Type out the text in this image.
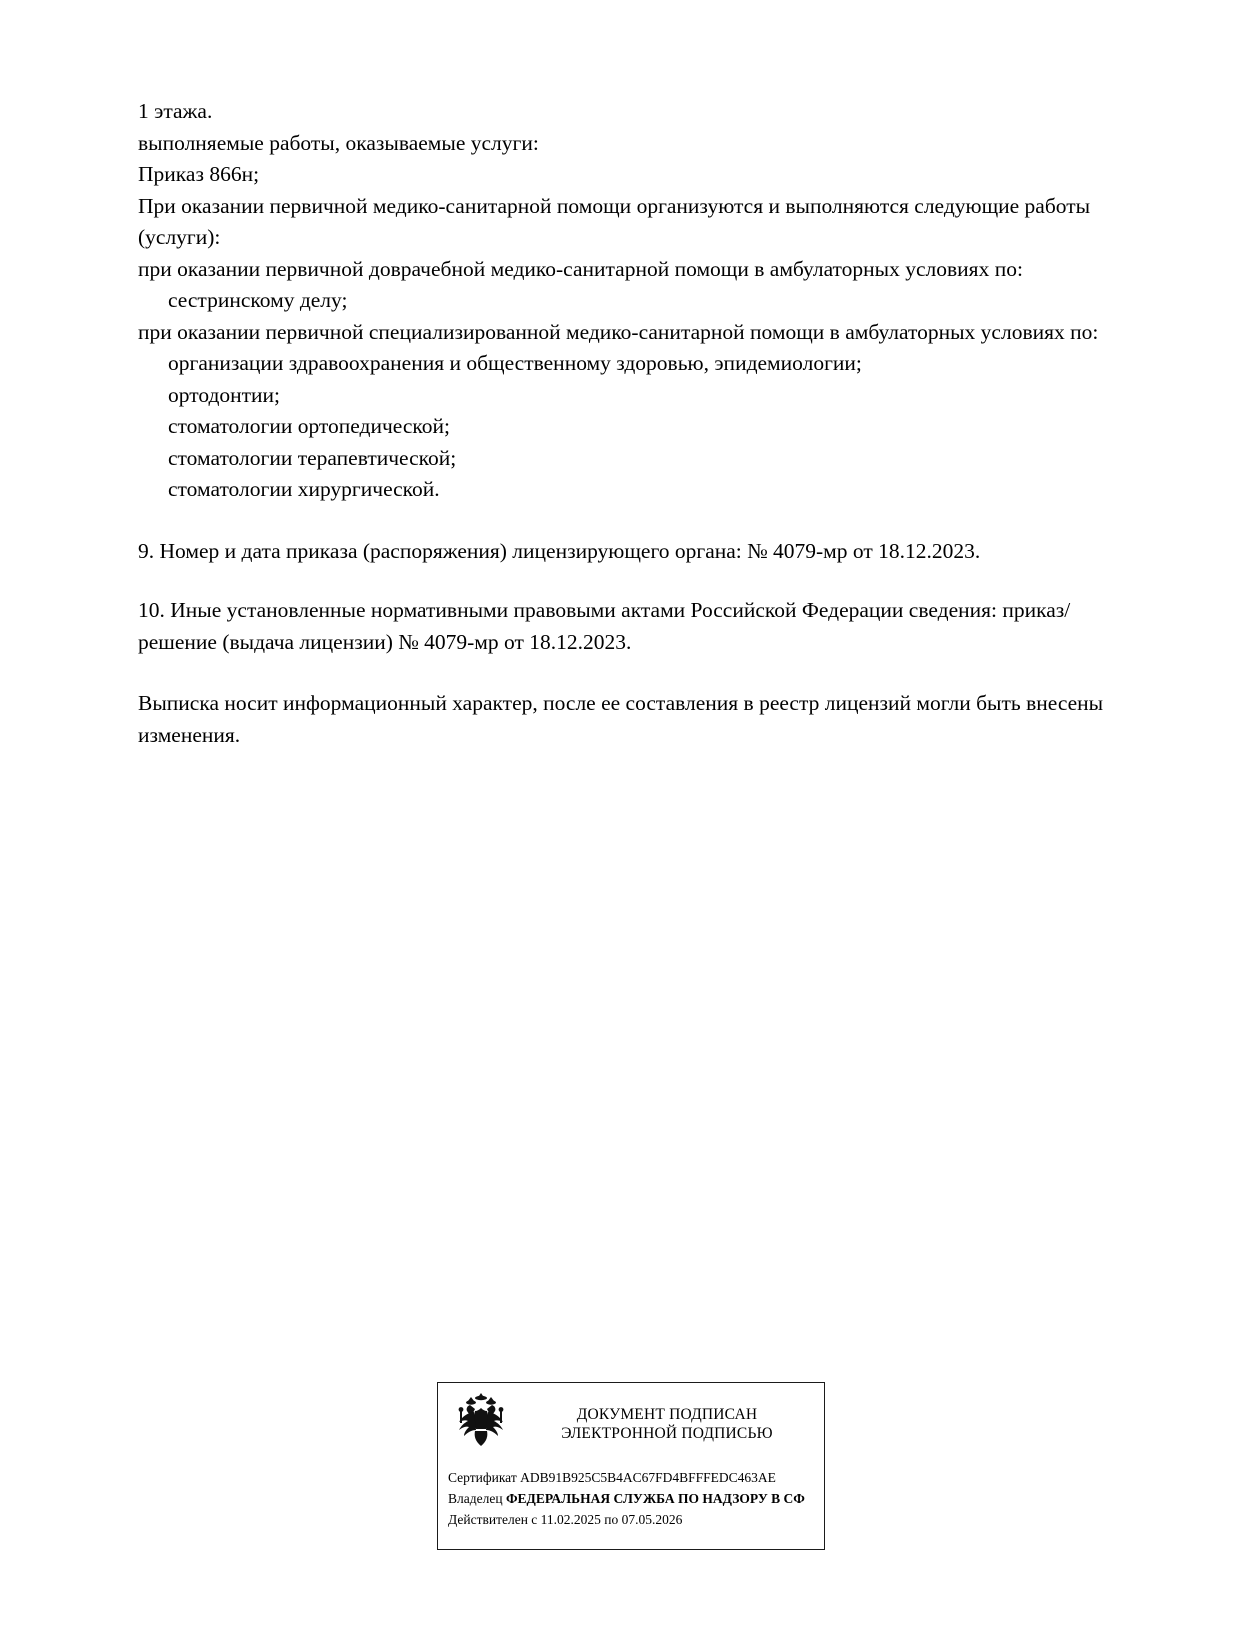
1 этажа.
выполняемые работы, оказываемые услуги:
Приказ 866н;
При оказании первичной медико-санитарной помощи организуются и выполняются следующие работы (услуги):
при оказании первичной доврачебной медико-санитарной помощи в амбулаторных условиях по:
сестринскому делу;
при оказании первичной специализированной медико-санитарной помощи в амбулаторных условиях по:
организации здравоохранения и общественному здоровью, эпидемиологии;
ортодонтии;
стоматологии ортопедической;
стоматологии терапевтической;
стоматологии хирургической.
9. Номер и дата приказа (распоряжения) лицензирующего органа: № 4079-мр от 18.12.2023.
10. Иные установленные нормативными правовыми актами Российской Федерации сведения: приказ/решение (выдача лицензии) № 4079-мр от 18.12.2023.
Выписка носит информационный характер, после ее составления в реестр лицензий могли быть внесены изменения.
ДОКУМЕНТ ПОДПИСАН
ЭЛЕКТРОННОЙ ПОДПИСЬЮ
Сертификат ADB91B925C5B4AC67FD4BFFFEDC463AE
Владелец ФЕДЕРАЛЬНАЯ СЛУЖБА ПО НАДЗОРУ В СФ
Действителен с 11.02.2025 по 07.05.2026
